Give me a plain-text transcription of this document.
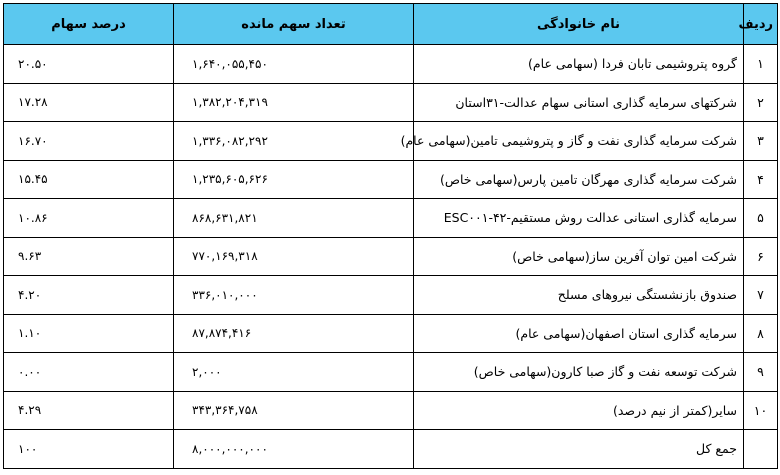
ردیف	نام خانوادگی	تعداد سهم مانده	درصد سهام
۱	گروه پتروشیمی تابان فردا (سهامی عام)	۱,۶۴۰,۰۵۵,۴۵۰	۲۰.۵۰
۲	شرکتهای سرمایه گذاری استانی سهام عدالت-۳۱استان	۱,۳۸۲,۲۰۴,۳۱۹	۱۷.۲۸
۳	شرکت سرمایه گذاری نفت و گاز و پتروشیمی تامین(سهامی عام)	۱,۳۳۶,۰۸۲,۲۹۲	۱۶.۷۰
۴	شرکت سرمایه گذاری مهرگان تامین پارس(سهامی خاص)	۱,۲۳۵,۶۰۵,۶۲۶	۱۵.۴۵
۵	سرمایه گذاری استانی عدالت روش مستقیم-۴۲-ESC۰۰۱	۸۶۸,۶۳۱,۸۲۱	۱۰.۸۶
۶	شرکت امین توان آفرین ساز(سهامی خاص)	۷۷۰,۱۶۹,۳۱۸	۹.۶۳
۷	صندوق بازنشستگی نیروهای مسلح	۳۳۶,۰۱۰,۰۰۰	۴.۲۰
۸	سرمایه گذاری استان اصفهان(سهامی عام)	۸۷,۸۷۴,۴۱۶	۱.۱۰
۹	شرکت توسعه نفت و گاز صبا کارون(سهامی خاص)	۲,۰۰۰	۰.۰۰
۱۰	سایر(کمتر از نیم درصد)	۳۴۳,۳۶۴,۷۵۸	۴.۲۹
	جمع کل	۸,۰۰۰,۰۰۰,۰۰۰	۱۰۰
